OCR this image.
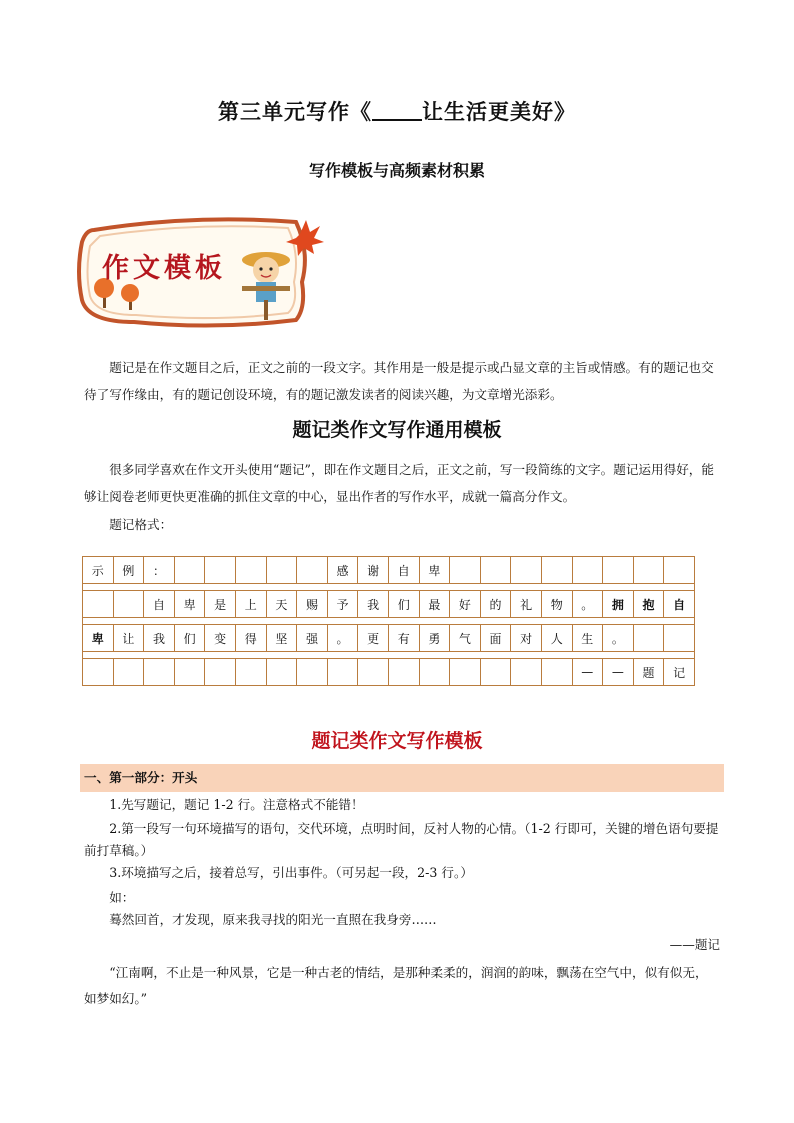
第三单元写作《 让生活更美好》
写作模板与高频素材积累
作文模板
题记是在作文题目之后，正文之前的一段文字。其作用是一般是提示或凸显文章的主旨或情感。有的题记也交待了写作缘由，有的题记创设环境，有的题记激发读者的阅读兴趣，为文章增光添彩。
题记类作文写作通用模板
很多同学喜欢在作文开头使用“题记”，即在作文题目之后，正文之前，写一段简练的文字。题记运用得好，能够让阅卷老师更快更准确的抓住文章的中心，显出作者的写作水平，成就一篇高分作文。
题记格式：
示	例	：						感	谢	自	卑								

		自	卑	是	上	天	赐	予	我	们	最	好	的	礼	物	。	拥	抱	自

卑	让	我	们	变	得	坚	强	。	更	有	勇	气	面	对	人	生	。		

																—	—	题	记
题记类作文写作模板
一、第一部分：开头
1.先写题记，题记 1-2 行。注意格式不能错！
2.第一段写一句环境描写的语句，交代环境，点明时间，反衬人物的心情。（1-2 行即可，关键的增色语句要提前打草稿。）
3.环境描写之后，接着总写，引出事件。（可另起一段，2-3 行。）
如：
蓦然回首，才发现，原来我寻找的阳光一直照在我身旁……
——题记
“江南啊，不止是一种风景，它是一种古老的情结，是那种柔柔的，润润的韵味，飘荡在空气中，似有似无，如梦如幻。”
